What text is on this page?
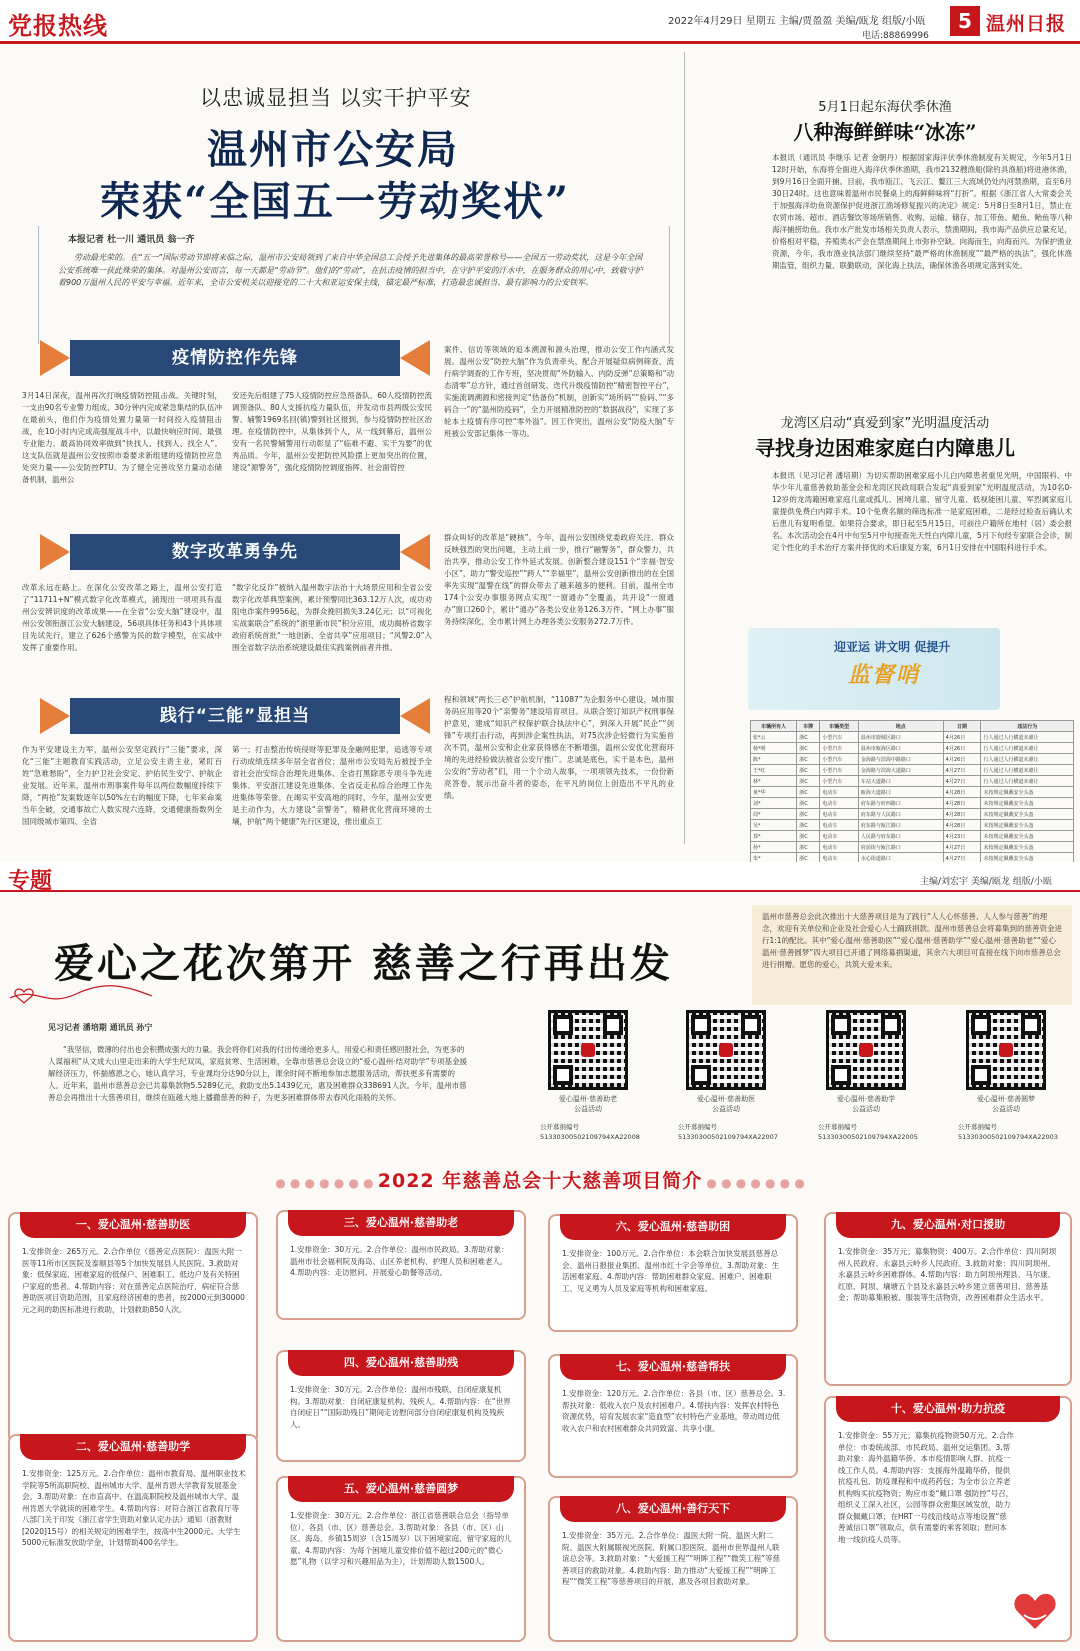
党报热线	2022年4月29日 星期五 主编/贾盈盈 美编/瓯龙 组版/小瓯
电话:88869996
5 温州日报
以忠诚显担当 以实干护平安
温州市公安局
荣获“全国五一劳动奖状”
本报记者 杜一川 通讯员 翁一齐
劳动最光荣的。在“五一”国际劳动节即将来临之际，温州市公安局领到了来自中华全国总工会授予先进集体的最高荣誉称号——全国五一劳动奖状，这是今年全国公安系统唯一获此殊荣的集体。对温州公安而言，每一天都是“劳动节”。他们的“劳动”，在抗击疫情的担当中，在守护平安的汗水中，在服务群众的用心中，致敬守护着900万温州人民的平安与幸福。近年来，全市公安机关以迎接党的二十大和亚运安保主线，锚定最严标准，打造最忠诚担当、最有影响力的公安铁军。
疫情防控作先锋
3月14日深夜，温州再次打响疫情防控阻击战。关键时刻，一支由90名专业警力组成、30分钟内完成紧急集结的队伍冲在最前头，他们作为疫情处置力量第一时间投入疫情阻击战，在10小时内完成高强度战斗中，以最快响应时间、最强专业能力、最高协同效率做到“快找人、找到人、找全人”。这支队伍就是温州公安按照市委要求新组建的疫情防控应急处突力量——公安防控PTU。为了健全完善攻坚力量动态储备机制，温州公
安还先后组建了75人疫情防控应急预备队、60人疫情防控流调预备队、80人支援抗疫力量队伍，并发动市县两级公安民警、辅警1969名回(镇)警到社区报到，参与疫情防控社区治理。在疫情防控中，从集体到个人，从一线到幕后，温州公安有一名民警辅警用行动彰显了“临难不避、实干为要”的优秀品质。今年，温州公安把防控风险摆上更加突出的位置，建设“源警务”，强化疫情防控调度指挥、社会面管控
案件、信访等领域的追本溯源和源头治理，推动公安工作内涵式发展。温州公安“防控大脑”作为负责牵头、配合开展疑似病例筛查，流行病学调查的工作专班，坚决贯彻“外防输入、内防反弹”总策略和“动态清零”总方针，通过首创研发、迭代升级疫情防控“精密智控平台”，实施流调溯源和密接判定“热备份”机制，创新实“场所码”“验码、”“多码合一”的“温州防疫码”，全力开展精准防控的“数据战役”，实现了多轮本土疫情有序可控“零外溢”。因工作突出，温州公安“防疫大脑”专班被公安部记集体一等功。
数字改革勇争先
改革永远在路上。在深化公安改革之路上，温州公安打造了“11711+N”模式数字化改革模式，涌现出一项项具有温州公安辨识度的改革成果——在全省“公安大脑”建设中，温州公安领衔浙江公安大脑建设，56项具体任务和43个具体项目先试先行，建立了626个感警为民的数字模型，在实战中发挥了重要作用。
“数字化反诈”被纳入温州数字法治十大场景应用和全省公安数字化改革典型案例，累计预警同比363.12万人次，成功劝阻电诈案件9956起，为群众挽回损失3.24亿元；以“可视化实战案联合”系统的“浙里新市民”积分应用，成功揭桥省数字政府系统首批“一地创新、全省共享”应用项目；“风警2.0”入围全省数字法治系统建设最佳实践案例前者并推。
群众叫好的改革是“硬核”。今年，温州公安围绕党委政府关注、群众反映强烈的突出问题，主动上前一步，推行“融警务”，群众警力，共治共享，推动公安工作外延式发展。创新整合建设151个“幸福·智安小区”，助力“警安巡控”“跨人”“幸福里”，温州公安创新推出的在全国率先实现“温警在线”的群众带去了越来越多的便利。目前，温州全市174个公安办事服务网点实现“一窗通办”全覆盖，共开设“一窗通办”窗口260个，累计“通办”各类公安业务126.3万件。“网上办事”服务持续深化，全市累计网上办理各类公安服务272.7万件。
践行“三能”显担当
作为平安建设主力军，温州公安坚定践行“三能”要求，深化“三能”主题教育实践活动，立足公安主责主业，紧盯百姓“急难愁盼”，全力护卫社会安定、护佑民生安宁、护航企业发展。近年来，温州市刑事案件每年以两位数幅度持续下降，“两抢”发案数逐年以50%左右的幅度下降，七年来命案当年全破，交通事故亡人数实现六连降，交通健康指数列全国同级城市第四、全省
第一；打击整治传统侵财等犯罪及金融网犯罪，追逃等专项行动成绩连续多年居全省首位；温州市公安局先后被授予全省社会治安综合治理先进集体、全省打黑除恶专项斗争先进集体、平安浙江建设先进集体、全省反走私综合治理工作先进集体等荣誉。在竭实平安高地的同时，今年，温州公安更是主动作为，大力建设“亲警务”，精耕优化营商环境的土壤，护航“两个健康”先行区建设，推出重点工
程和领域“两长三必”护航机制，“11087”为企服务中心建设，城市服务码应用等20个“亲警务”建设培育项目。从联合签订知识产权刑事保护意见，建成“知识产权保护联合执法中心”，到深入开展“民企”“剑锋”专项打击行动，再到涉企案性执法，对75次涉企轻微行为实施首次不罚，温州公安和企业家获得感在不断增强，温州公安优化营商环境的先进经验做法被省公安厅推广。忠诚是底色，实干是本色，温州公安的“劳动者”们，用一个个动人故事，一项项领先技术，一份份新亮答卷，展示出奋斗者的姿态，在平凡的岗位上创造出不平凡的业绩。
5月1日起东海伏季休渔
八种海鲜鲜味“冰冻”
本报讯（通讯员 李继乐 记者 金朝丹）根据国家海洋伏季休渔制度有关规定，今年5月1日12时开始，东海将全面进入海洋伏季休渔期，我市2132艘渔船(除钓具渔船)将进港休渔，到9月16日全面开捕。目前，我市瓯江、飞云江、鳌江三大流域仍处内河禁渔期，直至6月30日24时。这也意味着温州市民餐桌上的海鲜鲜味将“打折”。根据《浙江省人大常委会关于加强海洋幼鱼资源保护促进浙江渔场修复振兴的决定》规定：5月8日至8月1日，禁止在农贸市场、超市、酒店餐饮等场所销售、收购、运输、储存、加工带鱼、鲳鱼、鲐鱼等八种海洋捕捞幼鱼。我市水产批发市场相关负责人表示，禁渔期间，我市海产品供应总量充足，价格相对平稳，养殖类水产会在禁渔期间上市弥补空缺。向海而生，向海而兴。为保护渔业资源，今年，我市渔业执法部门继续坚持“最严格的休渔制度”“最严格的执法”，强化休渔期监管，组织力量、联勤联动，深化海上执法，确保休渔各项规定落到实处。
龙湾区启动“真爱到家”光明温度活动
寻找身边困难家庭白内障患儿
本报讯（见习记者 潘培期）为切实帮助困难家庭小儿白内障患者重见光明，中国眼科、中华少年儿童慈善救助基金会和龙湾区民政局联合发起“真爱到家”光明温度活动，为10名0-12岁的龙湾籍困难家庭儿童或孤儿、困境儿童、留守儿童、低视能困儿童、军烈属家庭儿童提供免费白内障手术。10个免费名额的筛选标准一是家庭困难，二是经过检查后确认术后患儿有复明希望。如果符合要求，即日起至5月15日，可前往户籍所在地村（居）委会报名。本次活动会在4月中旬至5月中旬接查先天性白内障儿童，5月下旬经专家联合会诊，制定个性化的手术治疗方案并择优的术后康复方案，6月1日安排在中国眼科进行手术。
迎亚运 讲文明 促提升
监督哨
车辆所有人	车牌	车辆类型	地点	日期	违法行为
张*云	浙C	小型汽车	温州市鹿城区路口	4月26日	行人通过人行横道未避让
杨*明	浙C	小型汽车	温州市瓯海区路口	4月26日	行人通过人行横道未避让
陈*	浙C	小型汽车	金海路与滨海中路路口	4月26日	行人通过人行横道未避让
王*红	浙C	小型汽车	金海路与滨海大道路口	4月27日	行人通过人行横道未避让
林*	浙C	小型汽车	车站大道路口	4月27日	行人通过人行横道未避让
黄*华	浙C	电动车	瓯海大道路口	4月28日	未按规定佩戴安全头盔
刘*	浙C	电动车	府东路与府西路口	4月28日	未按规定佩戴安全头盔
周*	浙C	电动车	府东路与人民路口	4月28日	未按规定佩戴安全头盔
吴*	浙C	电动车	府东路与瓯江路口	4月28日	未按规定佩戴安全头盔
郑*	浙C	电动车	人民路与府东路口	4月23日	未按规定佩戴安全头盔
孙*	浙C	电动车	府前街与瓯江路口	4月27日	未按规定佩戴安全头盔
朱*	浙C	电动车	水心街道路口	4月27日	未按规定佩戴安全头盔
专题	主编/刘宏宇 美编/瓯龙 组版/小瓯
爱心之花次第开 慈善之行再出发
温州市慈善总会此次推出十大慈善项目是为了践行“人人心怀慈善、人人参与慈善”的理念，欢迎有关单位和企业及社会爱心人士踊跃捐款。温州市慈善总会将募集到的慈善资金进行1:1的配比。其中“爱心温州·慈善助医”“爱心温州·慈善助学”“爱心温州·慈善助老”“爱心温州·慈善圆梦”四大项目已开通了网络募捐渠道，其余六大项目可直接在线下向市慈善总会进行捐赠。愿您的爱心，共筑大爱未来。
见习记者 潘培期 通讯员 孙宁
“我坚信，微薄的付出也会积攒成强大的力量。我会将你们对我的付出传递给更多人，用爱心和责任感回报社会，为更多的人谋福利”从文成大山里走出来的大学生纪双凤，家庭贫寒、生活困难，全靠市慈善总会设立的“爱心温州·结对助学”专项基金援解经济压力，怀揣感恩之心，她认真学习，专业课均分达90分以上，课余时间不断地参加志愿服务活动，帮扶更多有需要的人。近年来，温州市慈善总会已共募集款物5.5289亿元，救助支出5.1439亿元，惠及困难群众338691人次。今年，温州市慈善总会再推出十大慈善项目，继续在瓯越大地上播撒慈善的种子，为更多困难群体带去春风化雨般的关怀。	爱心温州·慈善助老
公益活动
公开募捐编号
51330300502109794XA22008
爱心温州·慈善助医
公益活动
公开募捐编号
51330300502109794XA22007
爱心温州·慈善助学
公益活动
公开募捐编号
51330300502109794XA22005
爱心温州·慈善圆梦
公益活动
公开募捐编号
51330300502109794XA22003
● ● ● ● ● ● ● 2022 年慈善总会十大慈善项目简介 ● ● ● ● ● ● ●
一、爱心温州·慈善助医
1.安排资金：265万元。2.合作单位（慈善定点医院）：温医大附一医等11所市区医院及泰顺县等5个加快发展县人民医院。3.救助对象：低保家庭、困难家庭的低保户、困难职工、低边户及有关特困户家庭的患者。4.帮助内容：对在慈善定点医院治疗，病症符合慈善助医项目资助范围，且家庭经济困难的患者，按2000元到30000元之间的助医标准进行救助，计划救助850人次。
二、爱心温州·慈善助学
1.安排资金：125万元。2.合作单位：温州市教育局、温州职业技术学院等5所高职院校、温州城市大学、温州肯恩大学教育发展基金会。3.帮助对象：在市直高中、在温高职院校及温州城市大学、温州肯恩大学就读的困难学生。4.帮助内容：对符合浙江省教育厅等八部门关于印发《浙江省学生资助对象认定办法》通知（浙教财[2020]15号）的相关规定的困难学生，按高中生2000元、大学生5000元标准发放助学金，计划帮助400名学生。
三、爱心温州·慈善助老
1.安排资金：30万元。2.合作单位：温州市民政局。3.帮助对象：温州市社会福利院及海岛、山区养老机构、护理人员和困难老人。4.帮助内容：走访慰问、开展爱心助餐等活动。
四、爱心温州·慈善助残
1.安排资金：30万元。2.合作单位：温州市残联、自闭症康复机构。3.帮助对象：自闭症康复机构、残疾人。4.帮助内容：在“世界自闭症日”“国际助残日”期间走访慰问部分自闭症康复机构及残疾人。
五、爱心温州·慈善圆梦
1.安排资金：30万元。2.合作单位：浙江省慈善联合总会（指导单位）、各县（市、区）慈善总会。3.帮助对象：各县（市、区）山区、海岛、乡镇15周岁（含15周岁）以下困境家庭、留守家庭的儿童。4.帮助内容：为每个困境儿童安排价值不超过200元的“微心愿”礼物（以学习和兴趣用品为主），计划帮助人数1500人。
六、爱心温州·慈善助困
1.安排资金：100万元。2.合作单位：本会联合加快发展县慈善总会、温州日报报业集团、温州市红十字会等单位。3.帮助对象：生活困难家庭。4.帮助内容：帮助困难群众家庭、困难户、困难职工、见义勇为人员及家庭等机构和困难家庭。
七、爱心温州·慈善帮扶
1.安排资金：120万元。2.合作单位：各县（市、区）慈善总会。3.帮扶对象：低收入农户及农村困难户。4.帮扶内容：发挥农村特色资源优势，培育发展农家“造血型”农村特色产业基地，带动周边低收入农户和农村困难群众共同致富、共享小康。
八、爱心温州·善行天下
1.安排资金：35万元。2.合作单位：温医大附一院、温医大附二院、温医大附属眼视光医院、附属口腔医院、温州市世界温州人联谊总会等。3.救助对象：“大爱援工程”“明眸工程”“微笑工程”等慈善项目的救助对象。4.救助内容：助力推动“大爱援工程”“明眸工程”“微笑工程”等慈善项目的开展，惠及各项目救助对象。
九、爱心温州·对口援助
1.安排资金：35万元；募集物资：400万。2.合作单位：四川阿坝州人民政府、永嘉县云岭乡人民政府。3.救助对象：四川阿坝州、永嘉县云岭乡困难群体。4.帮助内容：助力阿坝州理县、马尔康、红原、阿坝、壤塘五个县及永嘉县云岭乡建立慈善项目、慈善基金；帮助募集粮被、服装等生活物资，改善困难群众生活水平。
十、爱心温州·助力抗疫
1.安排资金：55万元；募集抗疫物资50万元。2.合作单位：市委统战部、市民政局、温州交运集团。3.帮助对象：海外温籍华侨、本市疫情影响人群、抗疫一线工作人员。4.帮助内容：支援海外温籍华侨，提供抗疫礼包、防疫课程和中成药药包；为全市公立养老机构购买抗疫物资；购应市委“戴口罩 强防控”号召，组织义工深入社区，公园等群众密集区域发放，助力群众佩戴口罩；在HRT一号线沿线站点等地设置“慈善诚信口罩”领取点，供有需要的乘客领取；慰问本地一线抗疫人员等。
